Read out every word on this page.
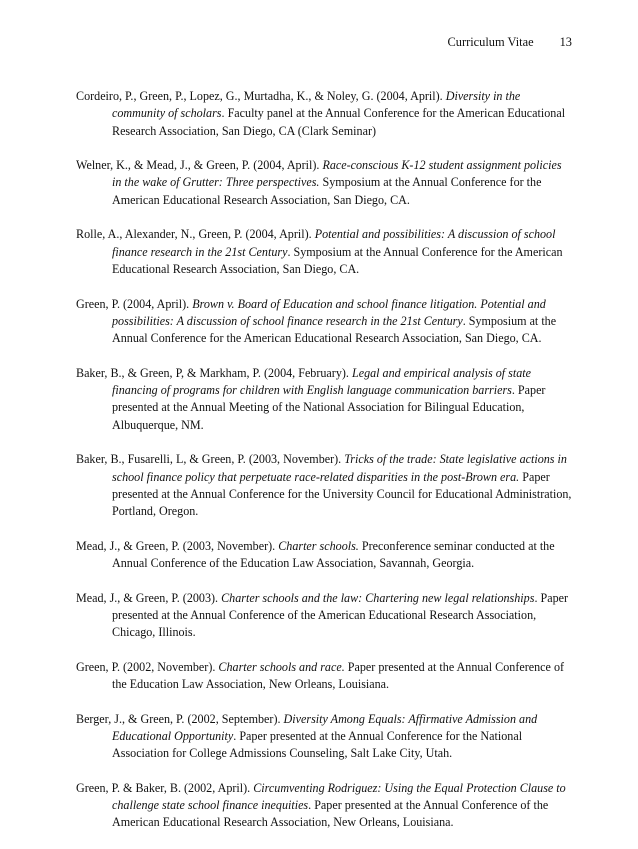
Curriculum Vitae 13

Cordeiro, P., Green, P., Lopez, G., Murtadha, K., & Noley, G. (2004, April). Diversity in the community of scholars. Faculty panel at the Annual Conference for the American Educational Research Association, San Diego, CA (Clark Seminar)

Welner, K., & Mead, J., & Green, P. (2004, April). Race-conscious K-12 student assignment policies in the wake of Grutter: Three perspectives. Symposium at the Annual Conference for the American Educational Research Association, San Diego, CA.

Rolle, A., Alexander, N., Green, P. (2004, April). Potential and possibilities: A discussion of school finance research in the 21st Century. Symposium at the Annual Conference for the American Educational Research Association, San Diego, CA.

Green, P. (2004, April). Brown v. Board of Education and school finance litigation. Potential and possibilities: A discussion of school finance research in the 21st Century. Symposium at the Annual Conference for the American Educational Research Association, San Diego, CA.

Baker, B., & Green, P, & Markham, P. (2004, February). Legal and empirical analysis of state financing of programs for children with English language communication barriers. Paper presented at the Annual Meeting of the National Association for Bilingual Education, Albuquerque, NM.

Baker, B., Fusarelli, L, & Green, P. (2003, November). Tricks of the trade: State legislative actions in school finance policy that perpetuate race-related disparities in the post-Brown era. Paper presented at the Annual Conference for the University Council for Educational Administration, Portland, Oregon.

Mead, J., & Green, P. (2003, November). Charter schools. Preconference seminar conducted at the Annual Conference of the Education Law Association, Savannah, Georgia.

Mead, J., & Green, P. (2003). Charter schools and the law: Chartering new legal relationships. Paper presented at the Annual Conference of the American Educational Research Association, Chicago, Illinois.

Green, P. (2002, November). Charter schools and race. Paper presented at the Annual Conference of the Education Law Association, New Orleans, Louisiana.

Berger, J., & Green, P. (2002, September). Diversity Among Equals: Affirmative Admission and Educational Opportunity. Paper presented at the Annual Conference for the National Association for College Admissions Counseling, Salt Lake City, Utah.

Green, P. & Baker, B. (2002, April). Circumventing Rodriguez: Using the Equal Protection Clause to challenge state school finance inequities. Paper presented at the Annual Conference of the American Educational Research Association, New Orleans, Louisiana.
